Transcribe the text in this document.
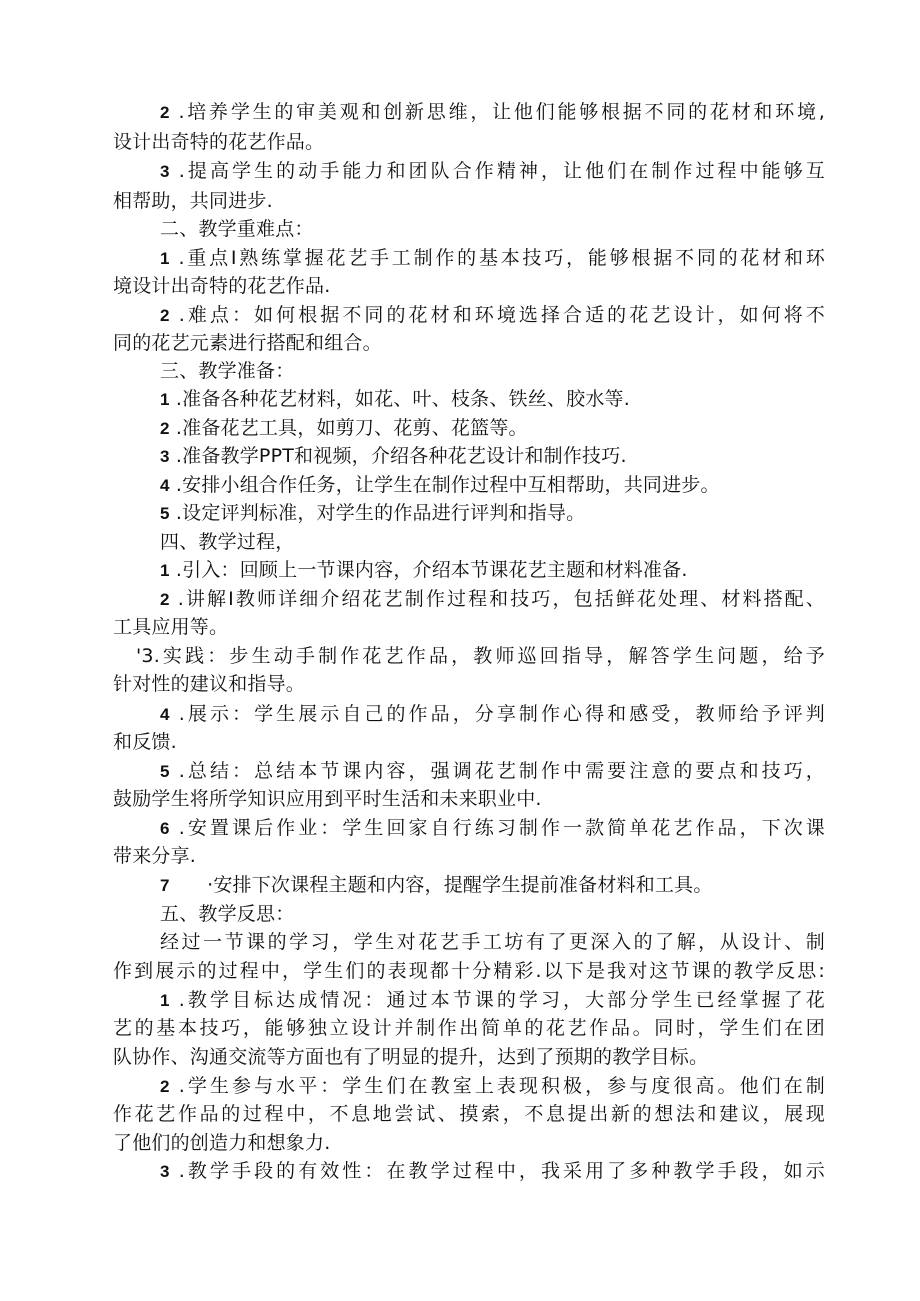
2 .培养学生的审美观和创新思维，让他们能够根据不同的花材和环境,
设计出奇特的花艺作品。
3 .提高学生的动手能力和团队合作精神，让他们在制作过程中能够互
相帮助，共同进步.
二、教学重难点：
1 .重点I熟练掌握花艺手工制作的基本技巧，能够根据不同的花材和环
境设计出奇特的花艺作品.
2 .难点：如何根据不同的花材和环境选择合适的花艺设计，如何将不
同的花艺元素进行搭配和组合。
三、教学准备：
1 .准备各种花艺材料，如花、叶、枝条、铁丝、胶水等.
2 .准备花艺工具，如剪刀、花剪、花篮等。
3 .准备教学PPT和视频，介绍各种花艺设计和制作技巧.
4 .安排小组合作任务，让学生在制作过程中互相帮助，共同进步。
5 .设定评判标准，对学生的作品进行评判和指导。
四、教学过程，
1 .引入：回顾上一节课内容，介绍本节课花艺主题和材料准备.
2 .讲解I教师详细介绍花艺制作过程和技巧，包括鲜花处理、材料搭配、
工具应用等。
'3.实践：步生动手制作花艺作品，教师巡回指导，解答学生问题，给予
针对性的建议和指导。
4 .展示：学生展示自己的作品，分享制作心得和感受，教师给予评判
和反馈.
5 .总结：总结本节课内容，强调花艺制作中需要注意的要点和技巧，
鼓励学生将所学知识应用到平时生活和未来职业中.
6 .安置课后作业：学生回家自行练习制作一款简单花艺作品，下次课
带来分享.
7      ·安排下次课程主题和内容，提醒学生提前准备材料和工具。
五、教学反思：
经过一节课的学习，学生对花艺手工坊有了更深入的了解，从设计、制
作到展示的过程中，学生们的表现都十分精彩.以下是我对这节课的教学反思:
1 .教学目标达成情况：通过本节课的学习，大部分学生已经掌握了花
艺的基本技巧，能够独立设计并制作出简单的花艺作品。同时，学生们在团
队协作、沟通交流等方面也有了明显的提升，达到了预期的教学目标。
2 .学生参与水平：学生们在教室上表现积极，参与度很高。他们在制
作花艺作品的过程中，不息地尝试、摸索，不息提出新的想法和建议，展现
了他们的创造力和想象力.
3 .教学手段的有效性：在教学过程中，我采用了多种教学手段，如示
